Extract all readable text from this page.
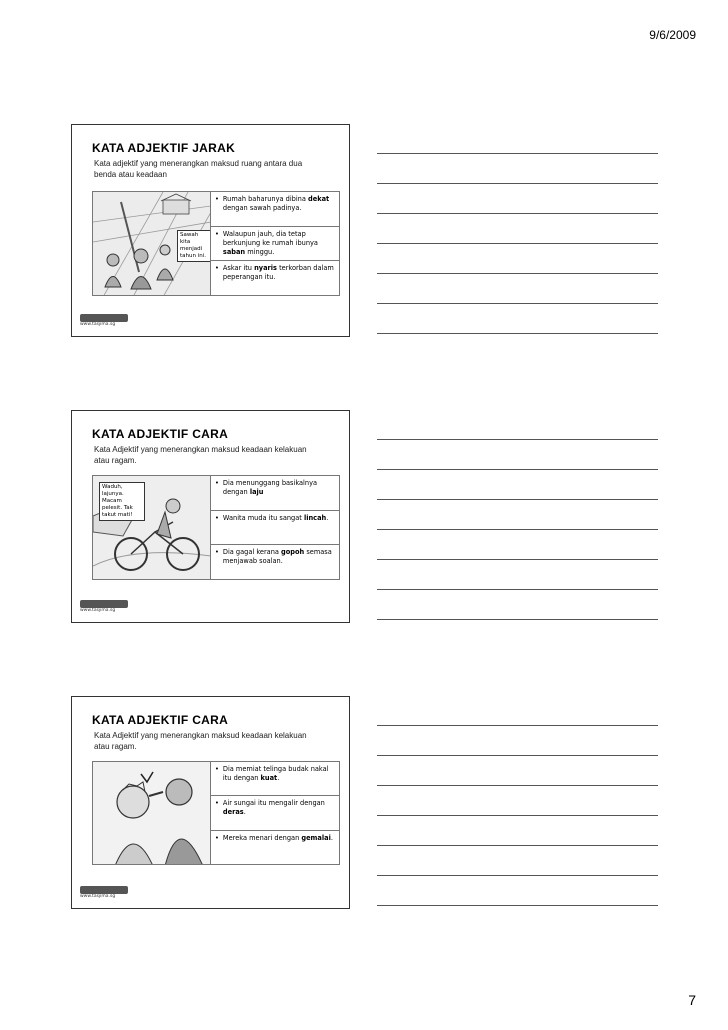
9/6/2009
KATA ADJEKTIF JARAK
Kata adjektif yang menerangkan maksud ruang antara dua benda atau keadaan
Sawah kita menjadi tahun ini.
• Rumah baharunya dibina dekat dengan sawah padinya.
• Walaupun jauh, dia tetap berkunjung ke rumah ibunya saban minggu.
• Askar itu nyaris terkorban dalam peperangan itu.
www.tasjima.sg
KATA ADJEKTIF CARA
Kata Adjektif yang menerangkan maksud keadaan kelakuan atau ragam.
Waduh, lajunya. Macam pelesit. Tak takut mati!
• Dia menunggang basikalnya dengan laju
• Wanita muda itu sangat lincah.
• Dia gagal kerana gopoh semasa menjawab soalan.
www.tasjima.sg
KATA ADJEKTIF CARA
Kata Adjektif yang menerangkan maksud keadaan kelakuan atau ragam.
• Dia memiat telinga budak nakal itu dengan kuat.
• Air sungai itu mengalir dengan deras.
• Mereka menari dengan gemalai.
www.tasjima.sg
7
